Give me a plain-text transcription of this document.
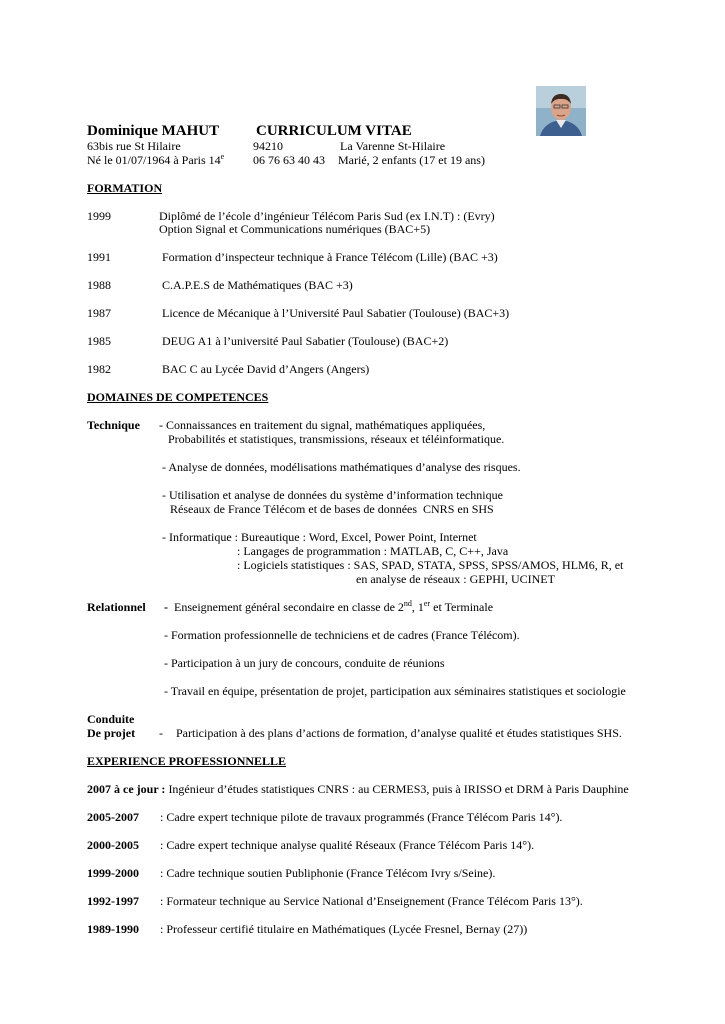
Dominique MAHUT CURRICULUM VITAE
63bis rue St Hilaire	94210	La Varenne St-Hilaire
Né le 01/07/1964 à Paris 14e 06 76 63 40 43 Marié, 2 enfants (17 et 19 ans)
FORMATION
1999	Diplômé de l’école d’ingénieur Télécom Paris Sud (ex I.N.T) : (Evry)
Option Signal et Communications numériques (BAC+5)
1991	Formation d’inspecteur technique à France Télécom (Lille) (BAC +3)
1988	C.A.P.E.S de Mathématiques (BAC +3)
1987	Licence de Mécanique à l’Université Paul Sabatier (Toulouse) (BAC+3)
1985	DEUG A1 à l’université Paul Sabatier (Toulouse) (BAC+2)
1982	BAC C au Lycée David d’Angers (Angers)
DOMAINES DE COMPETENCES
Technique - Connaissances en traitement du signal, mathématiques appliquées,
Probabilités et statistiques, transmissions, réseaux et téléinformatique.
- Analyse de données, modélisations mathématiques d’analyse des risques.
- Utilisation et analyse de données du système d’information technique
Réseaux de France Télécom et de bases de données  CNRS en SHS
- Informatique : Bureautique : Word, Excel, Power Point, Internet
: Langages de programmation : MATLAB, C, C++, Java
: Logiciels statistiques : SAS, SPAD, STATA, SPSS, SPSS/AMOS, HLM6, R, et
en analyse de réseaux : GEPHI, UCINET
Relationnel - Enseignement général secondaire en classe de 2nd, 1er et Terminale
- Formation professionnelle de techniciens et de cadres (France Télécom).
- Participation à un jury de concours, conduite de réunions
- Travail en équipe, présentation de projet, participation aux séminaires statistiques et sociologie
Conduite
De projet - Participation à des plans d’actions de formation, d’analyse qualité et études statistiques SHS.
EXPERIENCE PROFESSIONNELLE
2007 à ce jour : Ingénieur d’études statistiques CNRS : au CERMES3, puis à IRISSO et DRM à Paris Dauphine
2005-2007 : Cadre expert technique pilote de travaux programmés (France Télécom Paris 14°).
2000-2005 : Cadre expert technique analyse qualité Réseaux (France Télécom Paris 14°).
1999-2000 : Cadre technique soutien Publiphonie (France Télécom Ivry s/Seine).
1992-1997 : Formateur technique au Service National d’Enseignement (France Télécom Paris 13°).
1989-1990 : Professeur certifié titulaire en Mathématiques (Lycée Fresnel, Bernay (27))
